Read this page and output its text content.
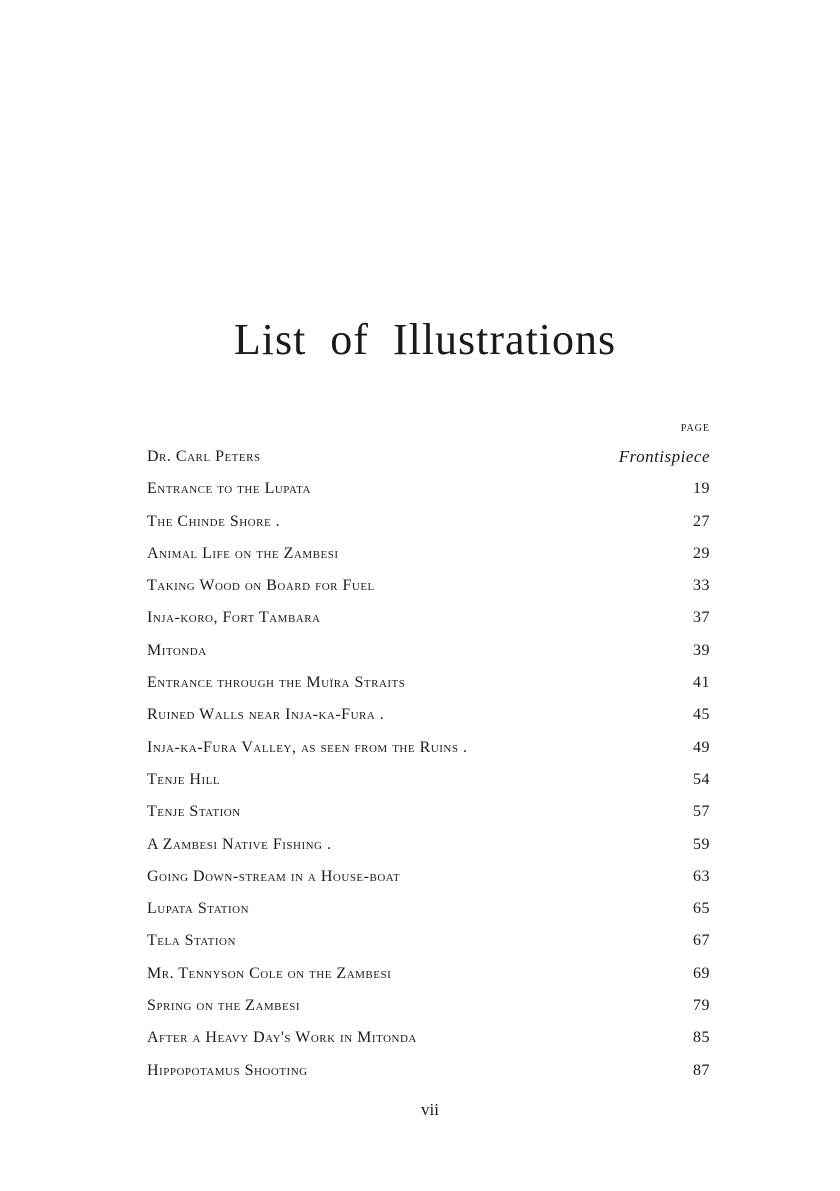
List of Illustrations
PAGE
Dr. Carl Peters	Frontispiece
Entrance to the Lupata	19
The Chinde Shore .	27
Animal Life on the Zambesi	29
Taking Wood on Board for Fuel	33
Inja-koro, Fort Tambara	37
Mitonda	39
Entrance through the Muïra Straits	41
Ruined Walls near Inja-ka-Fura .	45
Inja-ka-Fura Valley, as seen from the Ruins .	49
Tenje Hill	54
Tenje Station	57
A Zambesi Native Fishing .	59
Going Down-stream in a House-boat	63
Lupata Station	65
Tela Station	67
Mr. Tennyson Cole on the Zambesi	69
Spring on the Zambesi	79
After a Heavy Day's Work in Mitonda	85
Hippopotamus Shooting	87
vii
